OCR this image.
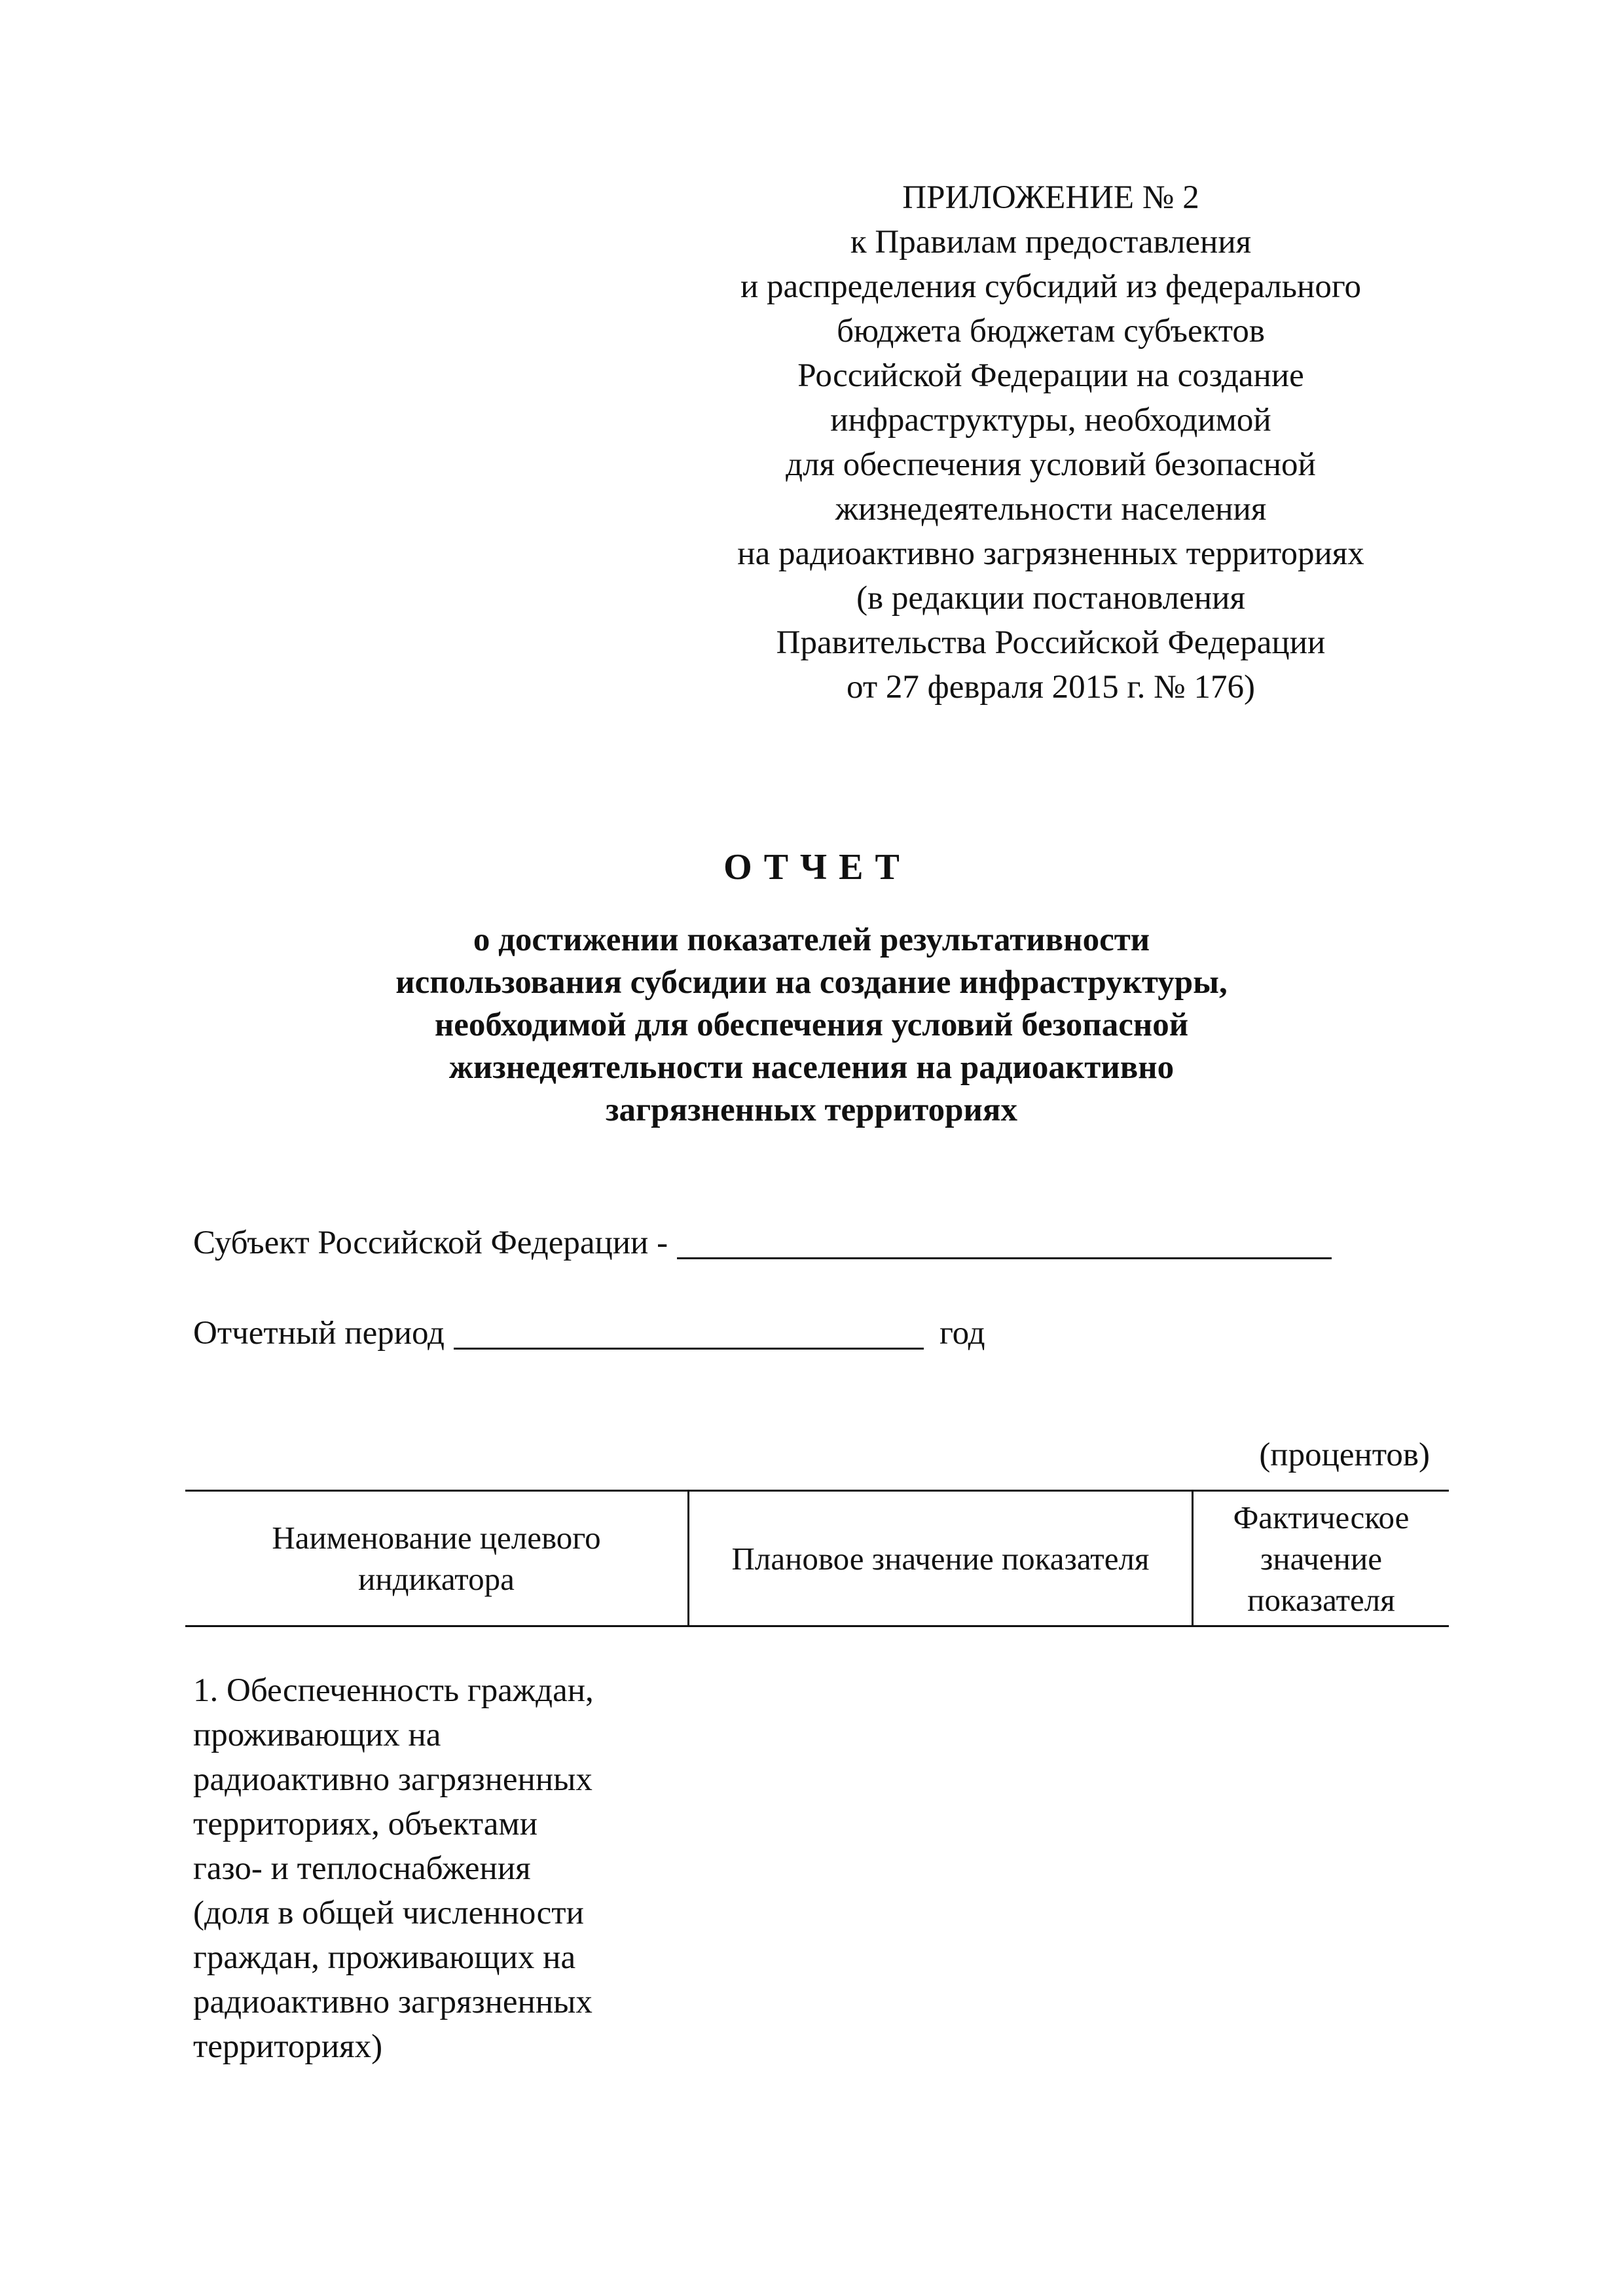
ПРИЛОЖЕНИЕ № 2
к Правилам предоставления
и распределения субсидий из федерального
бюджета бюджетам субъектов
Российской Федерации на создание
инфраструктуры, необходимой
для обеспечения условий безопасной
жизнедеятельности населения
на радиоактивно загрязненных территориях
(в редакции постановления
Правительства Российской Федерации
от 27 февраля 2015 г. № 176)
ОТЧЕТ
о достижении показателей результативности
использования субсидии на создание инфраструктуры,
необходимой для обеспечения условий безопасной
жизнедеятельности населения на радиоактивно
загрязненных территориях
Субъект Российской Федерации -
Отчетный период	год
(процентов)
Наименование целевого индикатора
Плановое значение показателя
Фактическое значение показателя
1. Обеспеченность граждан,
проживающих на
радиоактивно загрязненных
территориях, объектами
газо- и теплоснабжения
(доля в общей численности
граждан, проживающих на
радиоактивно загрязненных
территориях)
